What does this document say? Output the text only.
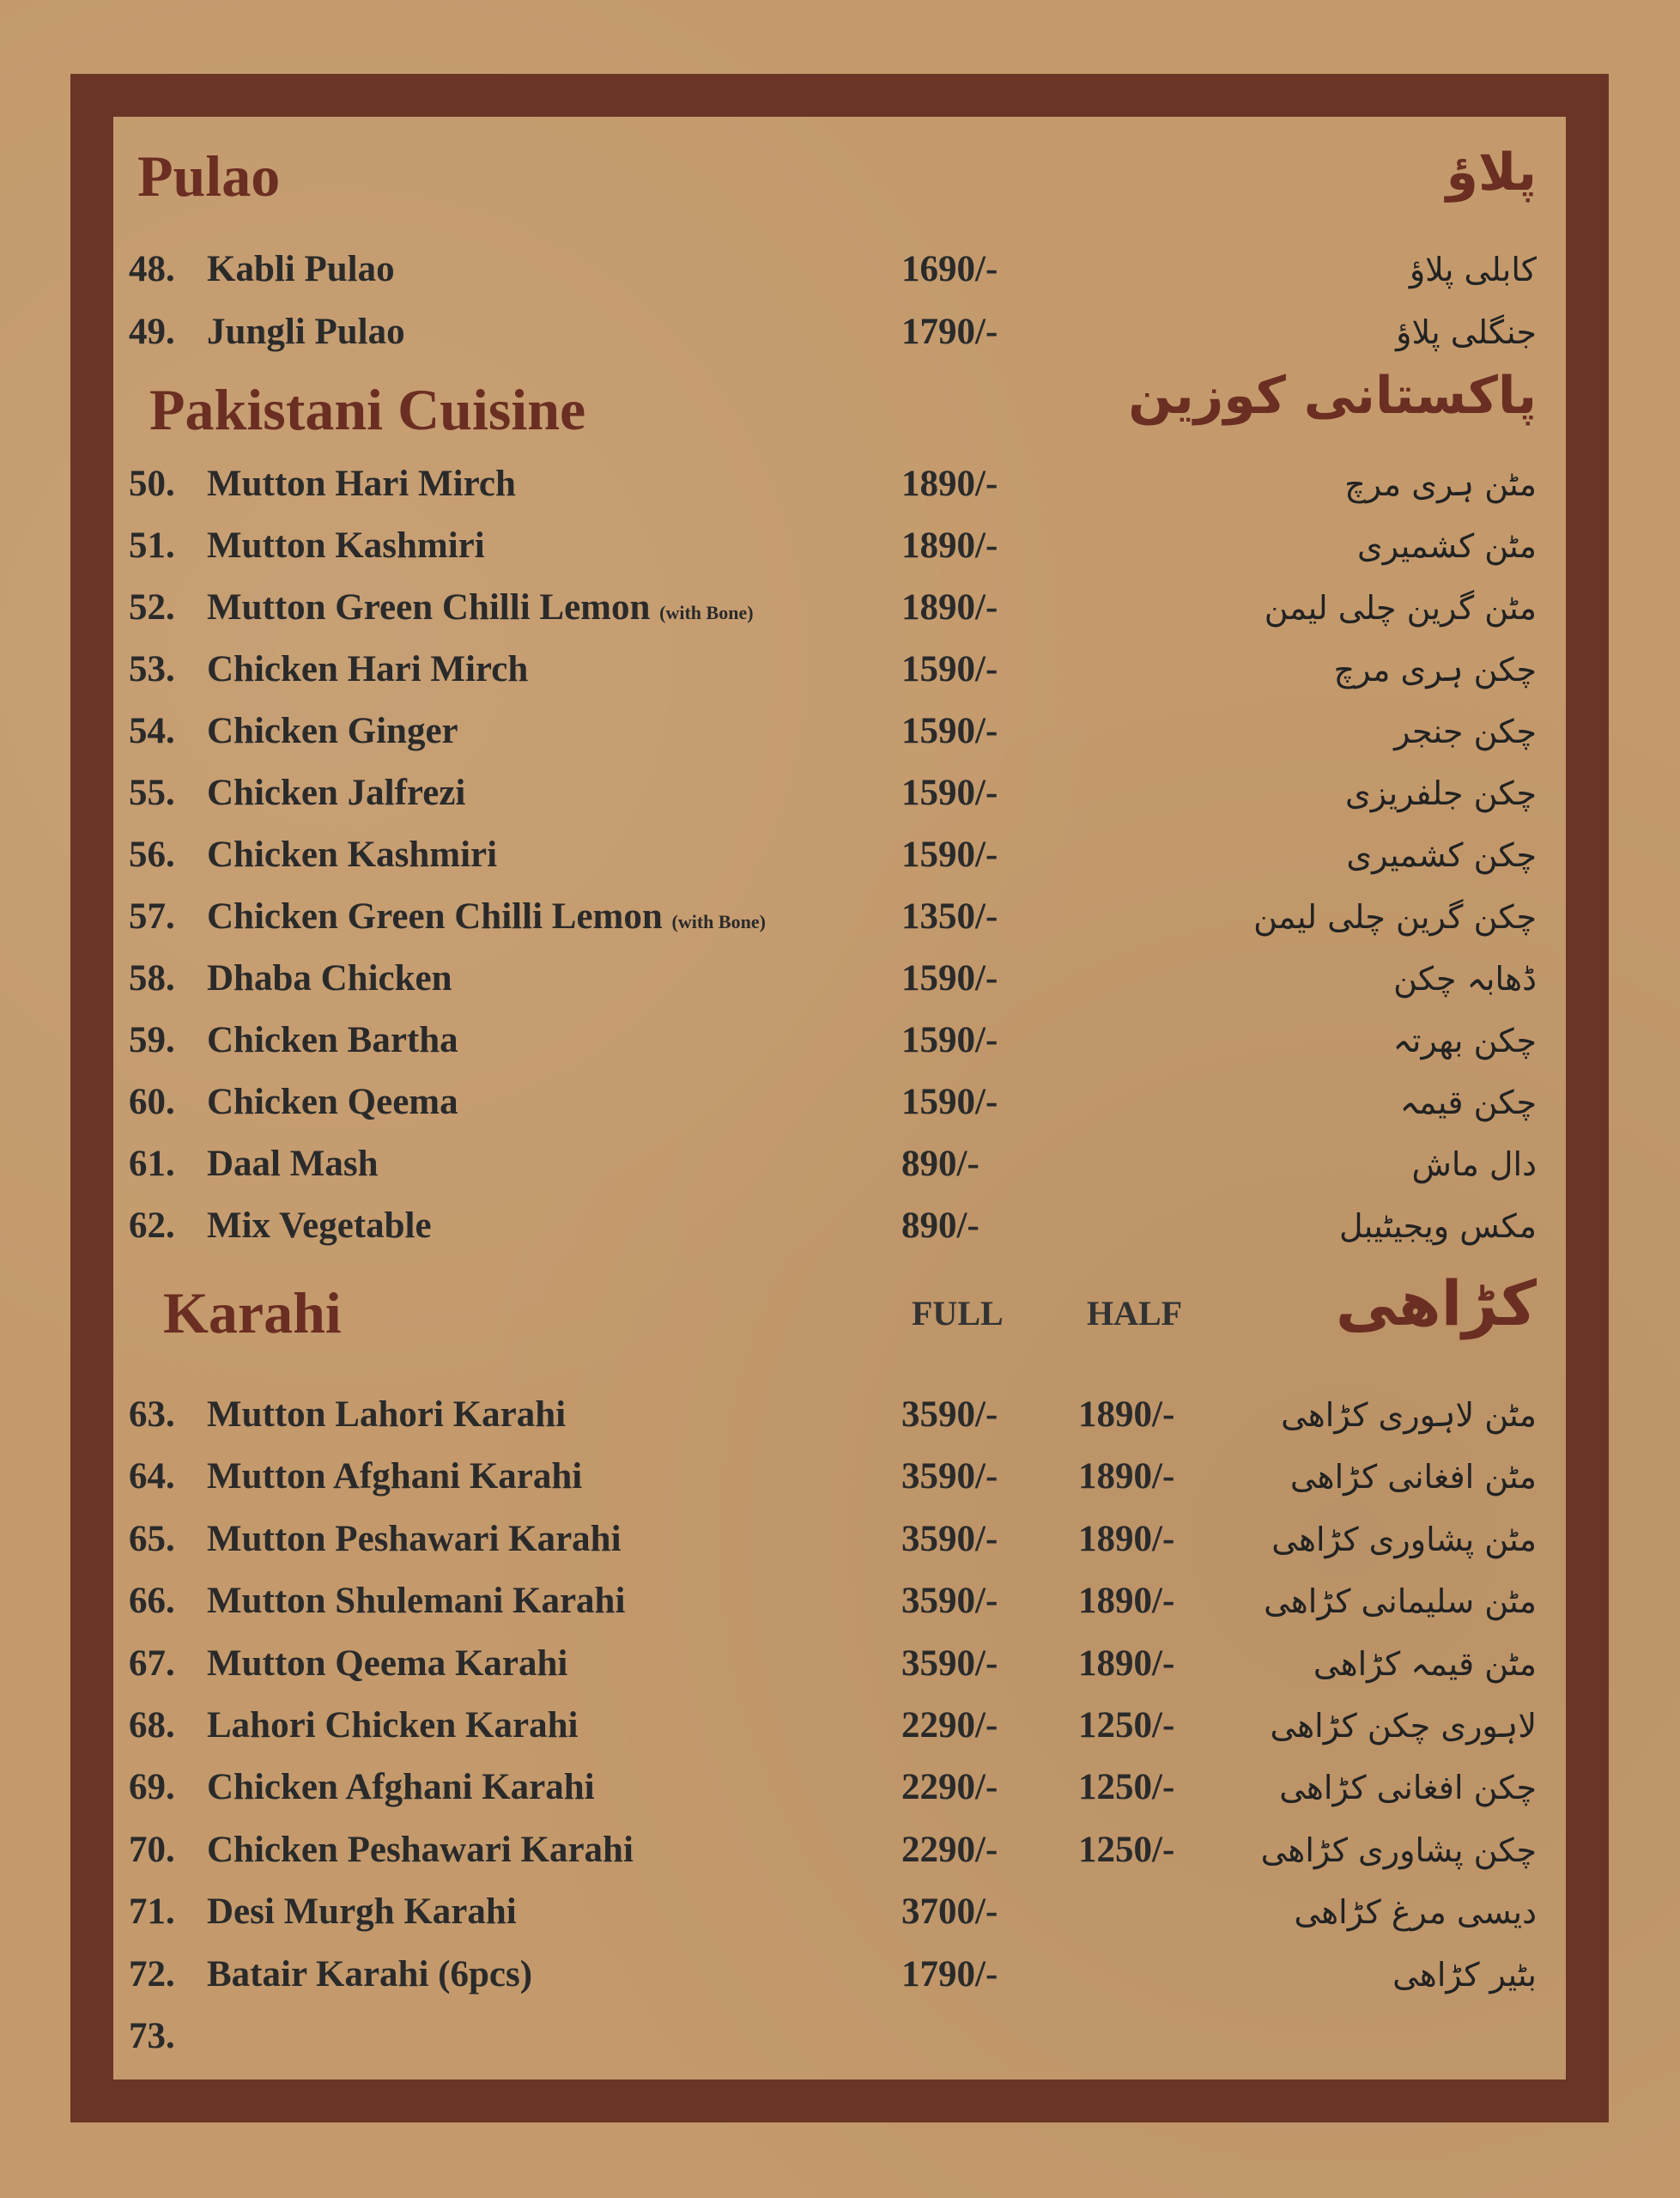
Pulao	پلاؤ
48. Kabli Pulao	1690/-	کابلی پلاؤ
49. Jungli Pulao	1790/-	جنگلی پلاؤ
Pakistani Cuisine	پاکستانی کوزین
50. Mutton Hari Mirch	1890/-	مٹن ہری مرچ
51. Mutton Kashmiri	1890/-	مٹن کشمیری
52. Mutton Green Chilli Lemon (with Bone)	1890/-	مٹن گرین چلی لیمن
53. Chicken Hari Mirch	1590/-	چکن ہری مرچ
54. Chicken Ginger	1590/-	چکن جنجر
55. Chicken Jalfrezi	1590/-	چکن جلفریزی
56. Chicken Kashmiri	1590/-	چکن کشمیری
57. Chicken Green Chilli Lemon (with Bone)	1350/-	چکن گرین چلی لیمن
58. Dhaba Chicken	1590/-	ڈھابہ چکن
59. Chicken Bartha	1590/-	چکن بھرتہ
60. Chicken Qeema	1590/-	چکن قیمہ
61. Daal Mash	890/-	دال ماش
62. Mix Vegetable	890/-	مکس ویجیٹیبل
Karahi	FULL HALF کڑاھی
63. Mutton Lahori Karahi	3590/- 1890/-	مٹن لاہوری کڑاھی
64. Mutton Afghani Karahi	3590/- 1890/-	مٹن افغانی کڑاھی
65. Mutton Peshawari Karahi	3590/- 1890/-	مٹن پشاوری کڑاھی
66. Mutton Shulemani Karahi	3590/- 1890/-	مٹن سلیمانی کڑاھی
67. Mutton Qeema Karahi	3590/- 1890/-	مٹن قیمہ کڑاھی
68. Lahori Chicken Karahi	2290/- 1250/-	لاہوری چکن کڑاھی
69. Chicken Afghani Karahi	2290/- 1250/-	چکن افغانی کڑاھی
70. Chicken Peshawari Karahi	2290/- 1250/-	چکن پشاوری کڑاھی
71. Desi Murgh Karahi	3700/-	دیسی مرغ کڑاھی
72. Batair Karahi (6pcs)	1790/-	بٹیر کڑاھی
73.
